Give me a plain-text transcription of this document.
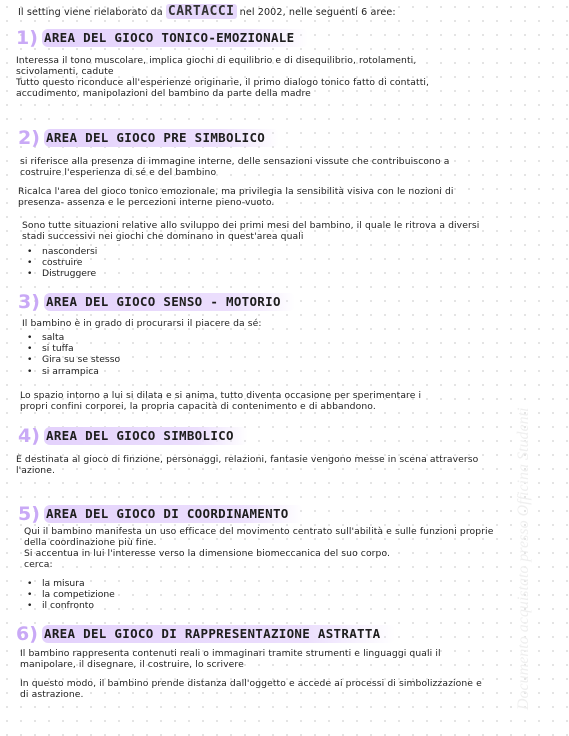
Il setting viene rielaborato da CARTACCI nel 2002, nelle seguenti 6 aree:
1) AREA DEL GIOCO TONICO-EMOZIONALE
Interessa il tono muscolare, implica giochi di equilibrio e di disequilibrio, rotolamenti,
scivolamenti, cadute
Tutto questo riconduce all'esperienze originarie, il primo dialogo tonico fatto di contatti,
accudimento, manipolazioni del bambino da parte della madre
2) AREA DEL GIOCO PRE SIMBOLICO
si riferisce alla presenza di immagine interne, delle sensazioni vissute che contribuiscono a
costruire l'esperienza di sé e del bambino
Ricalca l'area del gioco tonico emozionale, ma privilegia la sensibilità visiva con le nozioni di
presenza- assenza e le percezioni interne pieno-vuoto.
Sono tutte situazioni relative allo sviluppo dei primi mesi del bambino, il quale le ritrova a diversi
stadi successivi nei giochi che dominano in quest'area quali
• nascondersi
• costruire
• Distruggere
3) AREA DEL GIOCO SENSO - MOTORIO
Il bambino è in grado di procurarsi il piacere da sé:
• salta
• si tuffa
• Gira su se stesso
• si arrampica
Lo spazio intorno a lui si dilata e si anima, tutto diventa occasione per sperimentare i
propri confini corporei, la propria capacità di contenimento e di abbandono.
4) AREA DEL GIOCO SIMBOLICO
È destinata al gioco di finzione, personaggi, relazioni, fantasie vengono messe in scena attraverso
l'azione.
5) AREA DEL GIOCO DI COORDINAMENTO
Qui il bambino manifesta un uso efficace del movimento centrato sull'abilità e sulle funzioni proprie
della coordinazione più fine.
Si accentua in lui l'interesse verso la dimensione biomeccanica del suo corpo.
cerca:
• la misura
• la competizione
• il confronto
6) AREA DEL GIOCO DI RAPPRESENTAZIONE ASTRATTA
Il bambino rappresenta contenuti reali o immaginari tramite strumenti e linguaggi quali il
manipolare, il disegnare, il costruire, lo scrivere
In questo modo, il bambino prende distanza dall'oggetto e accede ai processi di simbolizzazione e
di astrazione.	Documento acquistato presso Officina Studenti
